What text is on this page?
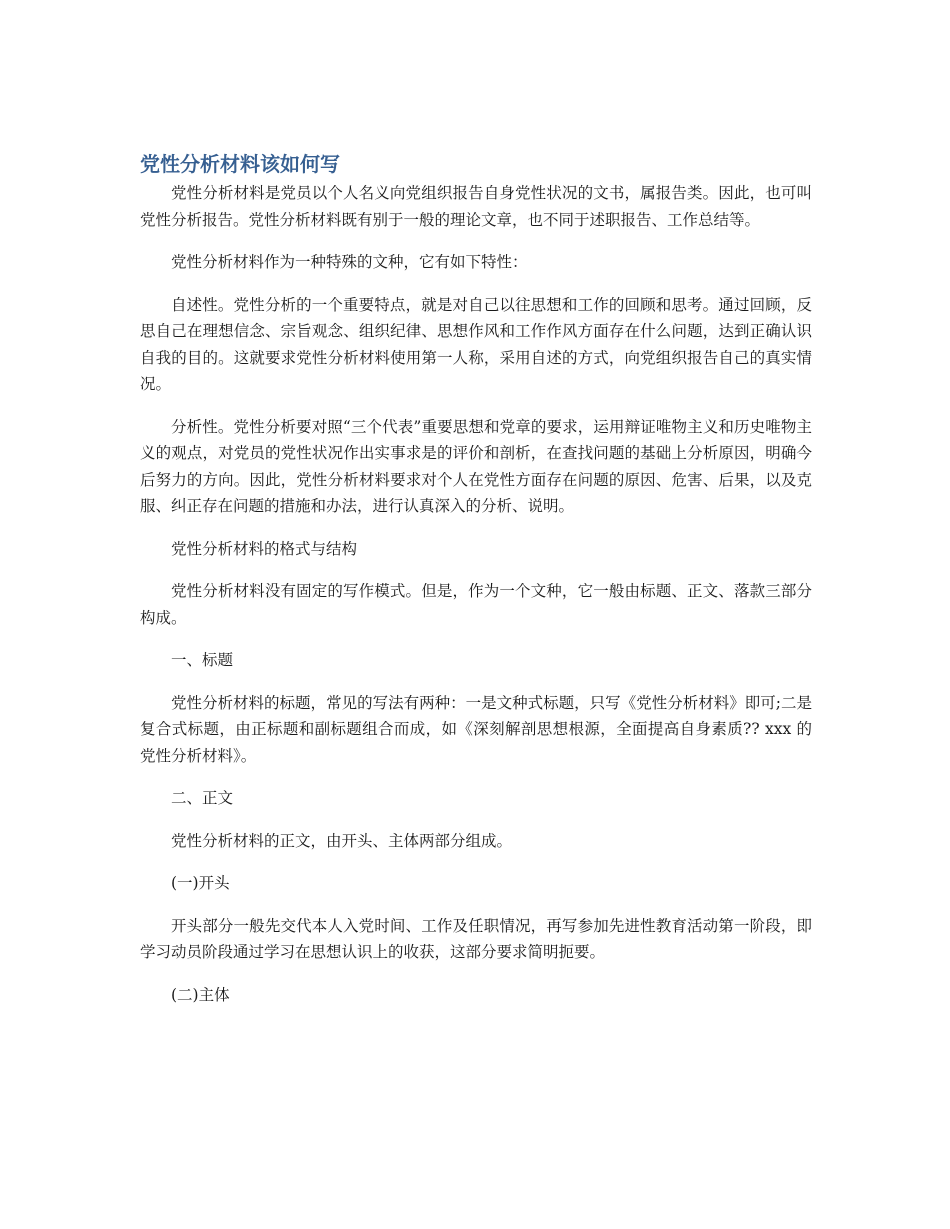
党性分析材料该如何写

党性分析材料是党员以个人名义向党组织报告自身党性状况的文书，属报告类。因此，也可叫党性分析报告。党性分析材料既有别于一般的理论文章，也不同于述职报告、工作总结等。

党性分析材料作为一种特殊的文种，它有如下特性：

自述性。党性分析的一个重要特点，就是对自己以往思想和工作的回顾和思考。通过回顾，反思自己在理想信念、宗旨观念、组织纪律、思想作风和工作作风方面存在什么问题，达到正确认识自我的目的。这就要求党性分析材料使用第一人称，采用自述的方式，向党组织报告自己的真实情况。

分析性。党性分析要对照“三个代表”重要思想和党章的要求，运用辩证唯物主义和历史唯物主义的观点，对党员的党性状况作出实事求是的评价和剖析，在查找问题的基础上分析原因，明确今后努力的方向。因此，党性分析材料要求对个人在党性方面存在问题的原因、危害、后果，以及克服、纠正存在问题的措施和办法，进行认真深入的分析、说明。

党性分析材料的格式与结构

党性分析材料没有固定的写作模式。但是，作为一个文种，它一般由标题、正文、落款三部分构成。

一、标题

党性分析材料的标题，常见的写法有两种：一是文种式标题，只写《党性分析材料》即可;二是复合式标题，由正标题和副标题组合而成，如《深刻解剖思想根源，全面提高自身素质?? xxx 的党性分析材料》。

二、正文

党性分析材料的正文，由开头、主体两部分组成。

(一)开头

开头部分一般先交代本人入党时间、工作及任职情况，再写参加先进性教育活动第一阶段，即学习动员阶段通过学习在思想认识上的收获，这部分要求简明扼要。

(二)主体
